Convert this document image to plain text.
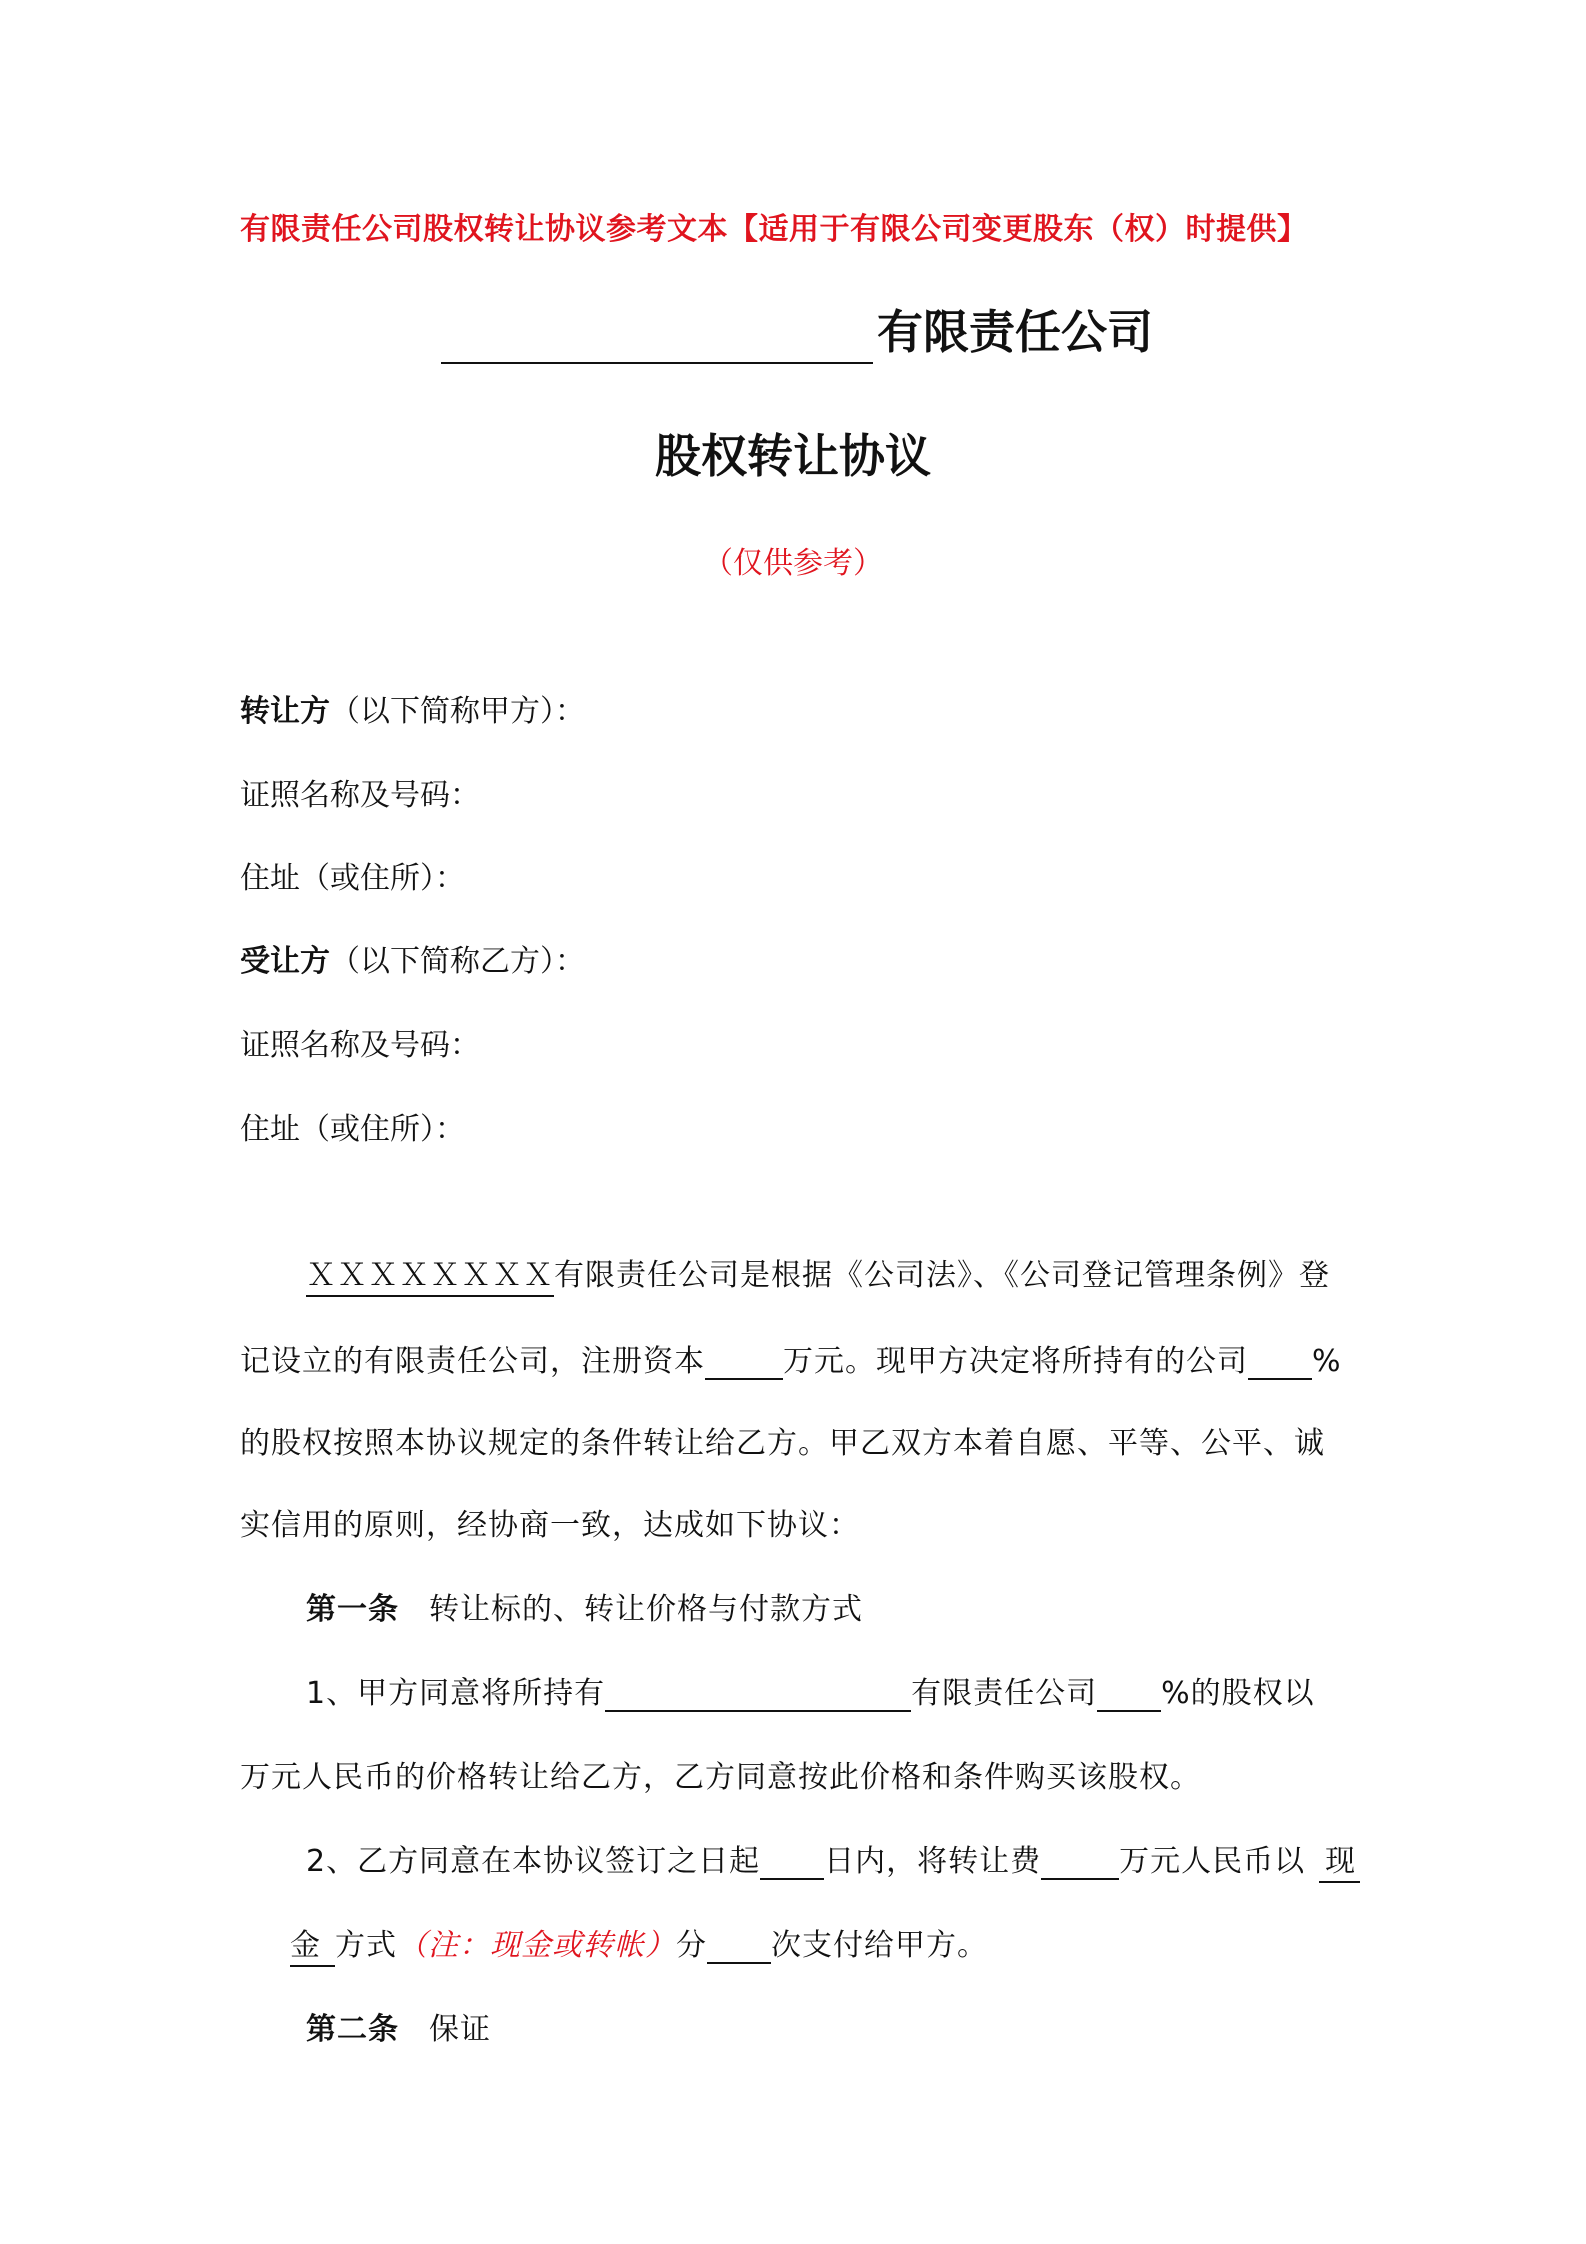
有限责任公司股权转让协议参考文本【适用于有限公司变更股东（权）时提供】
有限责任公司
股权转让协议
（仅供参考）
转让方（以下简称甲方）：
证照名称及号码：
住址（或住所）：
受让方（以下简称乙方）：
证照名称及号码：
住址（或住所）：
ＸＸＸＸＸＸＸＸ有限责任公司是根据《公司法》、《公司登记管理条例》登
记设立的有限责任公司，注册资本	万元。现甲方决定将所持有的公司 %
的股权按照本协议规定的条件转让给乙方。甲乙双方本着自愿、平等、公平、诚
实信用的原则，经协商一致，达成如下协议：
第一条 转让标的、转让价格与付款方式
1、甲方同意将所持有	有限责任公司 %的股权以
万元人民币的价格转让给乙方，乙方同意按此价格和条件购买该股权。
2、乙方同意在本协议签订之日起 日内，将转让费	万元人民币以 现
金 方式（注：现金或转帐）分 次支付给甲方。
第二条 保证
